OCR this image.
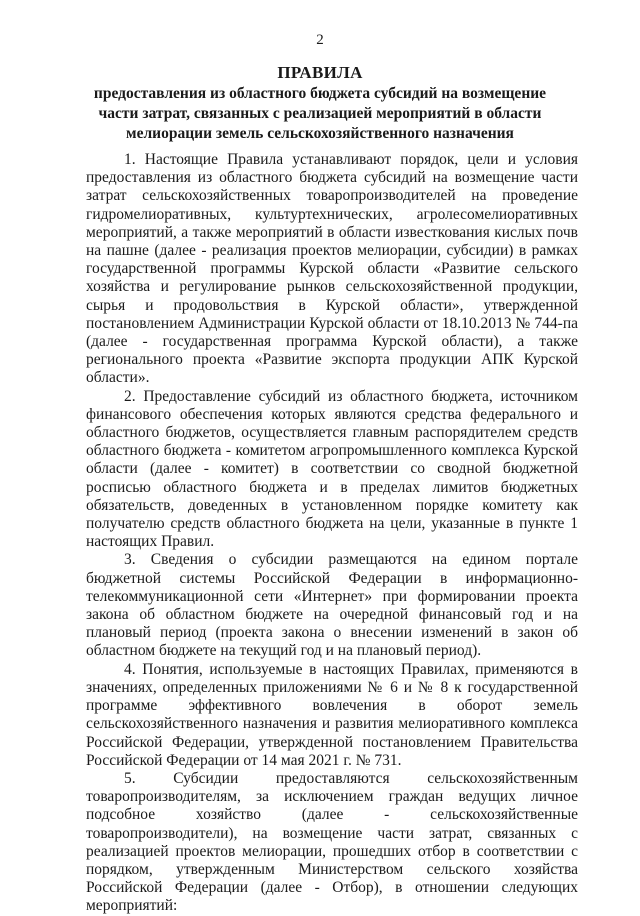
2
ПРАВИЛА
предоставления из областного бюджета субсидий на возмещение части затрат, связанных с реализацией мероприятий в области мелиорации земель сельскохозяйственного назначения

1. Настоящие Правила устанавливают порядок, цели и условия предоставления из областного бюджета субсидий на возмещение части затрат сельскохозяйственных товаропроизводителей на проведение гидромелиоративных, культуртехнических, агролесомелиоративных мероприятий, а также мероприятий в области известкования кислых почв на пашне (далее - реализация проектов мелиорации, субсидии) в рамках государственной программы Курской области «Развитие сельского хозяйства и регулирование рынков сельскохозяйственной продукции, сырья и продовольствия в Курской области», утвержденной постановлением Администрации Курской области от 18.10.2013 № 744-па (далее - государственная программа Курской области), а также регионального проекта «Развитие экспорта продукции АПК Курской области».

2. Предоставление субсидий из областного бюджета, источником финансового обеспечения которых являются средства федерального и областного бюджетов, осуществляется главным распорядителем средств областного бюджета - комитетом агропромышленного комплекса Курской области (далее - комитет) в соответствии со сводной бюджетной росписью областного бюджета и в пределах лимитов бюджетных обязательств, доведенных в установленном порядке комитету как получателю средств областного бюджета на цели, указанные в пункте 1 настоящих Правил.

3. Сведения о субсидии размещаются на едином портале бюджетной системы Российской Федерации в информационно-телекоммуникационной сети «Интернет» при формировании проекта закона об областном бюджете на очередной финансовый год и на плановый период (проекта закона о внесении изменений в закон об областном бюджете на текущий год и на плановый период).

4. Понятия, используемые в настоящих Правилах, применяются в значениях, определенных приложениями № 6 и № 8 к государственной программе эффективного вовлечения в оборот земель сельскохозяйственного назначения и развития мелиоративного комплекса Российской Федерации, утвержденной постановлением Правительства Российской Федерации от 14 мая 2021 г. № 731.

5. Субсидии предоставляются сельскохозяйственным товаропроизводителям, за исключением граждан ведущих личное подсобное хозяйство (далее - сельскохозяйственные товаропроизводители), на возмещение части затрат, связанных с реализацией проектов мелиорации, прошедших отбор в соответствии с порядком, утвержденным Министерством сельского хозяйства Российской Федерации (далее - Отбор), в отношении следующих мероприятий:
